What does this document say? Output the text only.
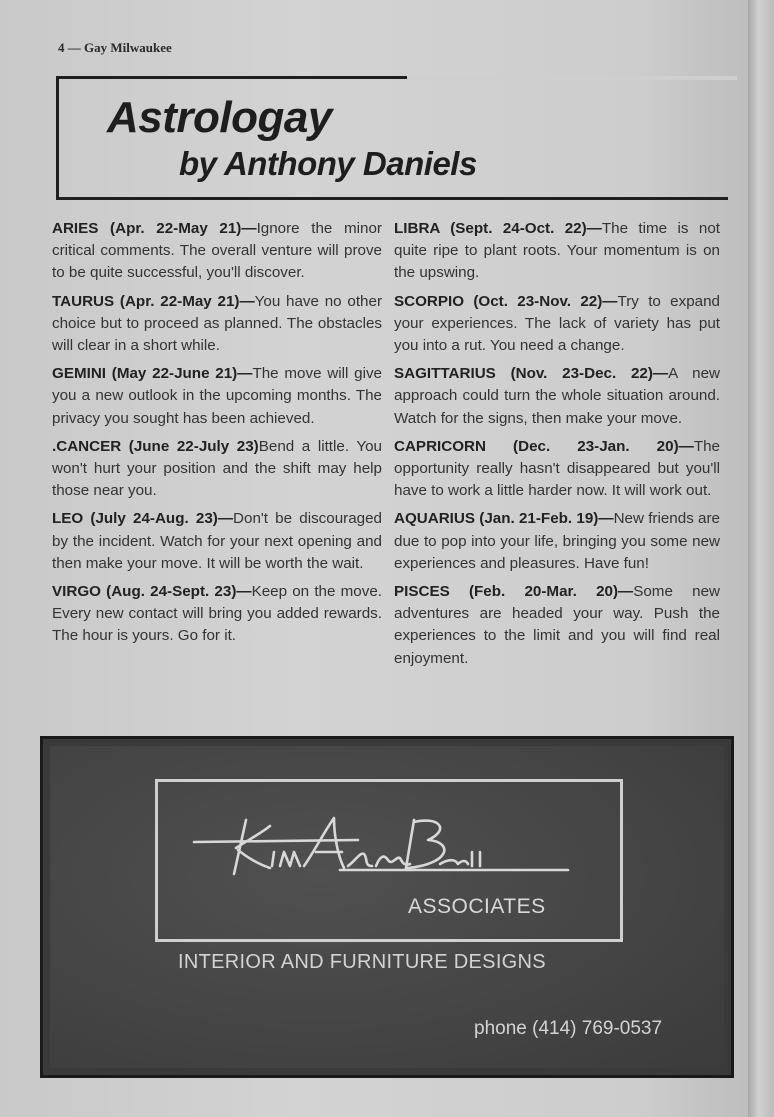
4 — Gay Milwaukee
Astrologay
by Anthony Daniels

ARIES (Apr. 22-May 21)—Ignore the minor critical comments. The overall venture will prove to be quite successful, you'll discover.

TAURUS (Apr. 22-May 21)—You have no other choice but to proceed as planned. The obstacles will clear in a short while.

GEMINI (May 22-June 21)—The move will give you a new outlook in the upcoming months. The privacy you sought has been achieved.

.CANCER (June 22-July 23)Bend a little. You won't hurt your position and the shift may help those near you.

LEO (July 24-Aug. 23)—Don't be discouraged by the incident. Watch for your next opening and then make your move. It will be worth the wait.

VIRGO (Aug. 24-Sept. 23)—Keep on the move. Every new contact will bring you added rewards. The hour is yours. Go for it.

LIBRA (Sept. 24-Oct. 22)—The time is not quite ripe to plant roots. Your momentum is on the upswing.

SCORPIO (Oct. 23-Nov. 22)—Try to expand your experiences. The lack of variety has put you into a rut. You need a change.

SAGITTARIUS (Nov. 23-Dec. 22)—A new approach could turn the whole situation around. Watch for the signs, then make your move.

CAPRICORN (Dec. 23-Jan. 20)—The opportunity really hasn't disappeared but you'll have to work a little harder now. It will work out.

AQUARIUS (Jan. 21-Feb. 19)—New friends are due to pop into your life, bringing you some new experiences and pleasures. Have fun!

PISCES (Feb. 20-Mar. 20)—Some new adventures are headed your way. Push the experiences to the limit and you will find real enjoyment.

ASSOCIATES
INTERIOR AND FURNITURE DESIGNS
phone (414) 769-0537
